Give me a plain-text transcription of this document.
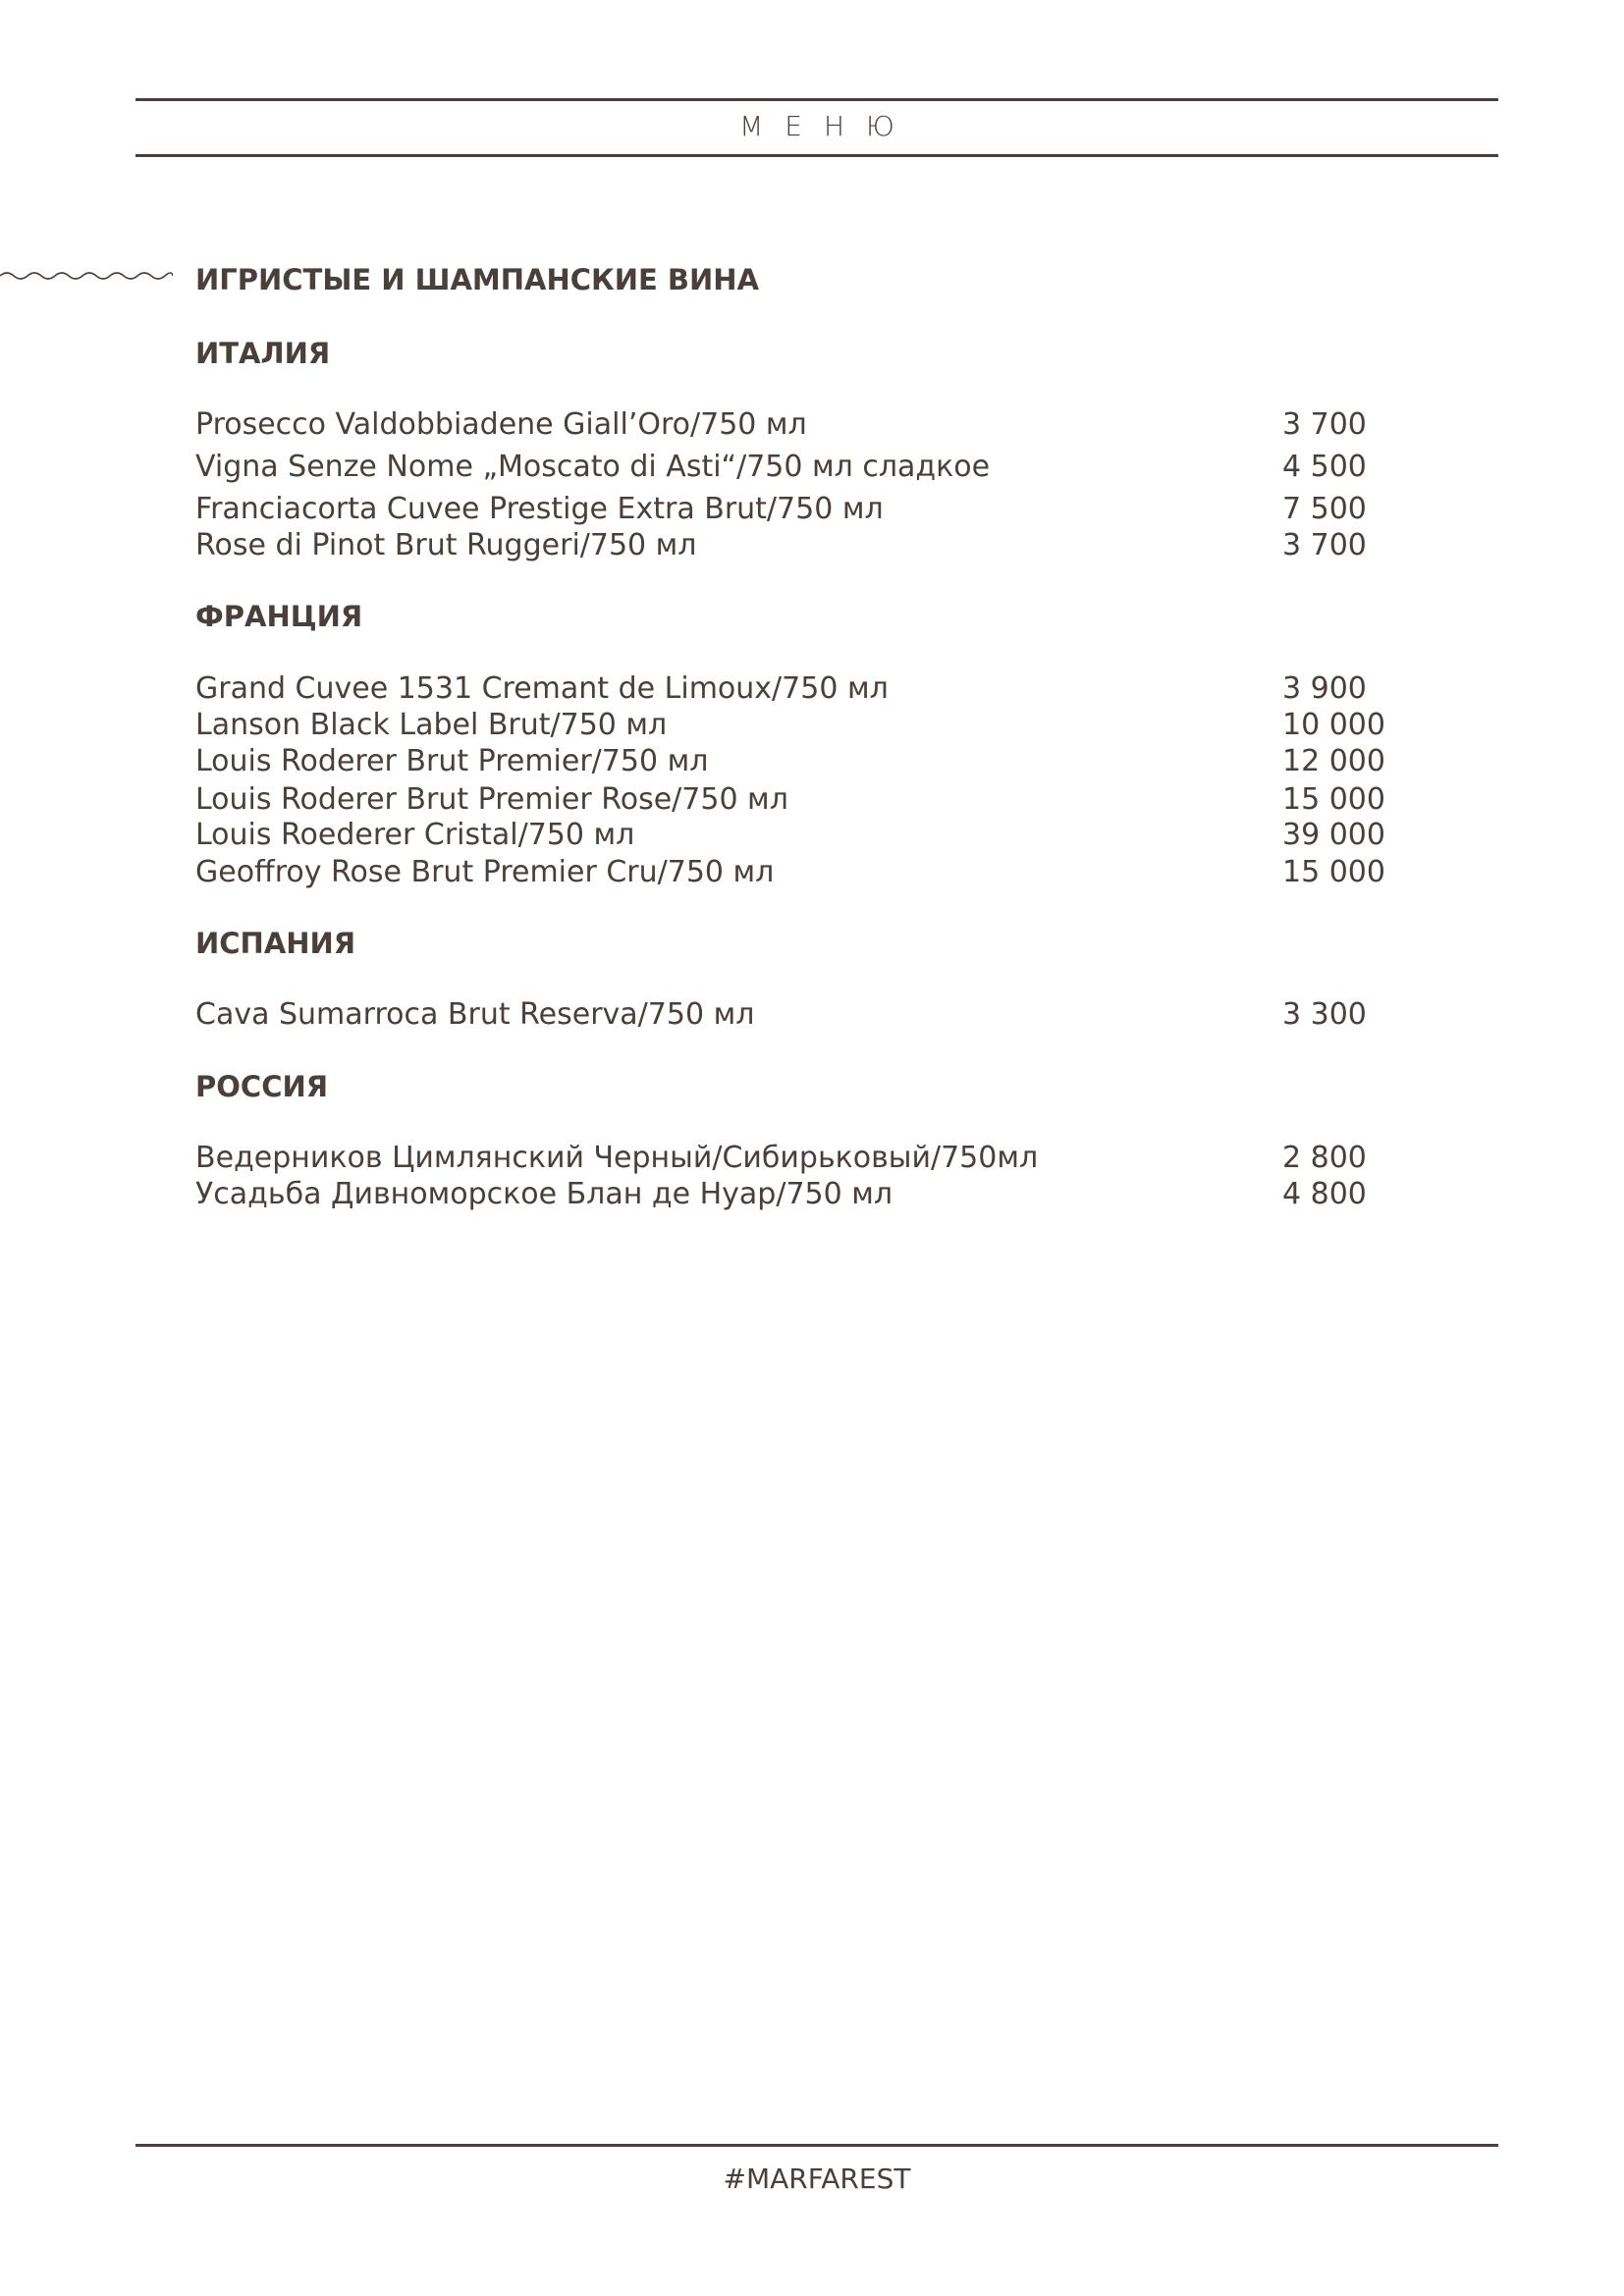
МЕНЮ
ИГРИСТЫЕ И ШАМПАНСКИЕ ВИНА
ИТАЛИЯ
Prosecco Valdobbiadene Giall’Oro/750 мл	3 700
Vigna Senze Nome „Moscato di Asti“/750 мл сладкое	4 500
Franciacorta Cuvee Prestige Extra Brut/750 мл	7 500
Rose di Pinot Brut Ruggeri/750 мл	3 700
ФРАНЦИЯ
Grand Cuvee 1531 Cremant de Limoux/750 мл	3 900
Lanson Black Label Brut/750 мл	10 000
Louis Roderer Brut Premier/750 мл	12 000
Louis Roderer Brut Premier Rose/750 мл	15 000
Louis Roederer Cristal/750 мл	39 000
Geoffroy Rose Brut Premier Cru/750 мл	15 000
ИСПАНИЯ
Cava Sumarroca Brut Reserva/750 мл	3 300
РОССИЯ
Ведерников Цимлянский Черный/Сибирьковый/750мл	2 800
Усадьба Дивноморское Блан де Нуар/750 мл	4 800
#MARFAREST
